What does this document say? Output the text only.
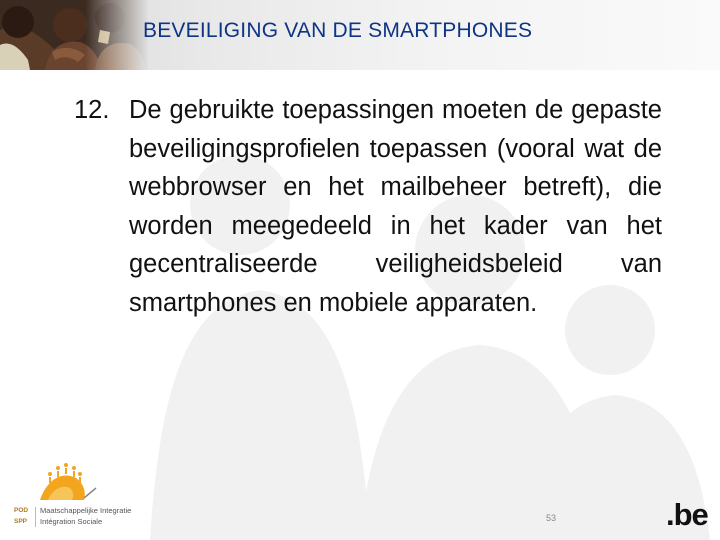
BEVEILIGING VAN DE SMARTPHONES
12. De gebruikte toepassingen moeten de gepaste beveiligingsprofielen toepassen (vooral wat de webbrowser en het mailbeheer betreft), die worden meegedeeld in het kader van het gecentraliseerde veiligheidsbeleid van smartphones en mobiele apparaten.
POD
SPP
Maatschappelijke Integratie
Intégration Sociale	53	.be
